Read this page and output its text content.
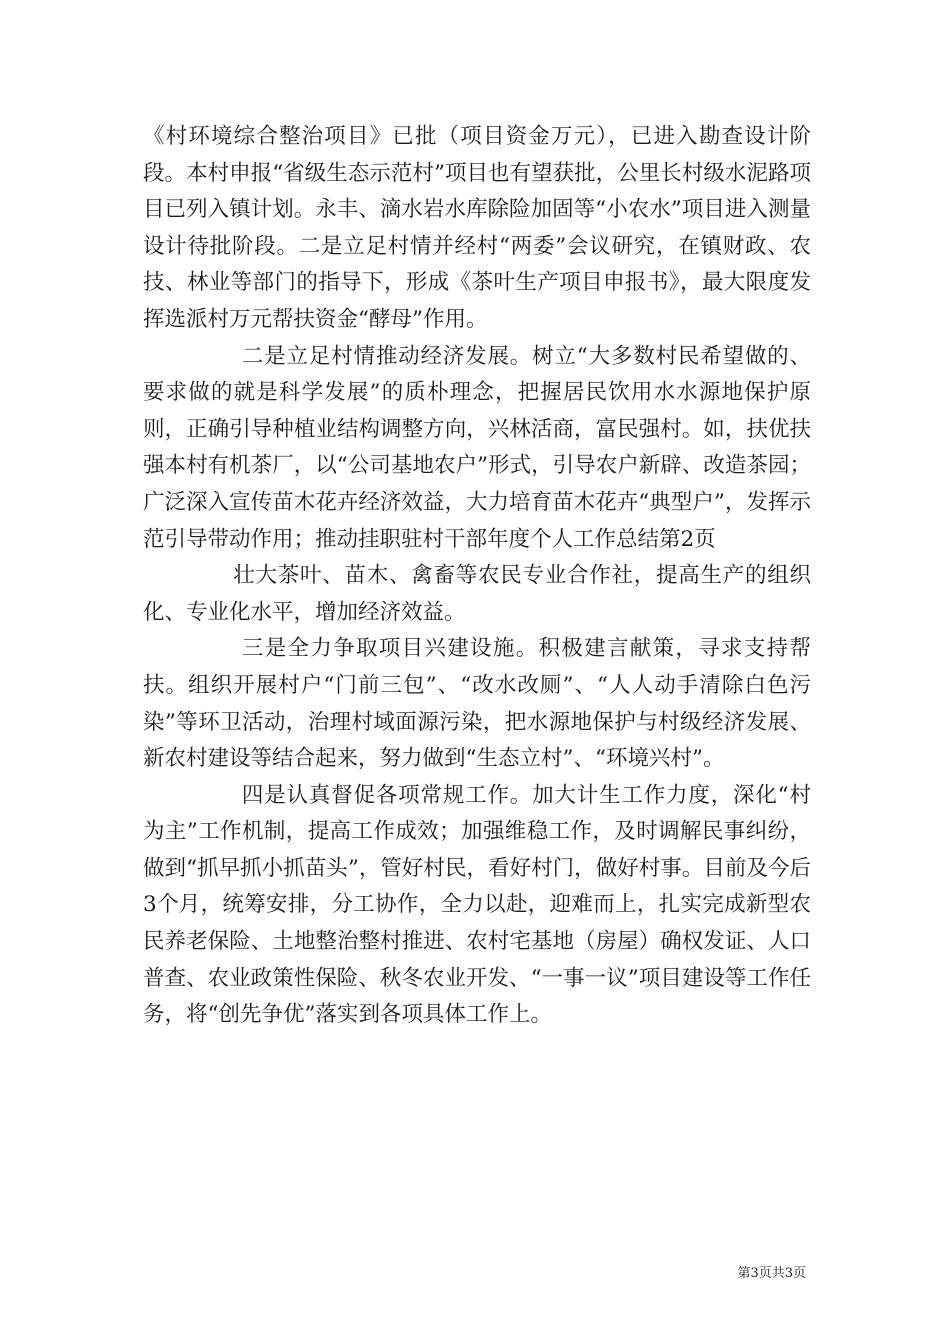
《村环境综合整治项目》已批（项目资金万元），已进入勘查设计阶段。本村申报“省级生态示范村”项目也有望获批，公里长村级水泥路项目已列入镇计划。永丰、滴水岩水库除险加固等“小农水”项目进入测量设计待批阶段。二是立足村情并经村“两委”会议研究，在镇财政、农技、林业等部门的指导下，形成《茶叶生产项目申报书》，最大限度发挥选派村万元帮扶资金“酵母”作用。

二是立足村情推动经济发展。树立“大多数村民希望做的、要求做的就是科学发展”的质朴理念，把握居民饮用水水源地保护原则，正确引导种植业结构调整方向，兴林活商，富民强村。如，扶优扶强本村有机茶厂，以“公司基地农户”形式，引导农户新辟、改造茶园；广泛深入宣传苗木花卉经济效益，大力培育苗木花卉“典型户”，发挥示范引导带动作用；推动挂职驻村干部年度个人工作总结第2页

壮大茶叶、苗木、禽畜等农民专业合作社，提高生产的组织化、专业化水平，增加经济效益。

三是全力争取项目兴建设施。积极建言献策，寻求支持帮扶。组织开展村户“门前三包”、“改水改厕”、“人人动手清除白色污染”等环卫活动，治理村域面源污染，把水源地保护与村级经济发展、新农村建设等结合起来，努力做到“生态立村”、“环境兴村”。

四是认真督促各项常规工作。加大计生工作力度，深化“村为主”工作机制，提高工作成效；加强维稳工作，及时调解民事纠纷，做到“抓早抓小抓苗头”，管好村民，看好村门，做好村事。目前及今后3个月，统筹安排，分工协作，全力以赴，迎难而上，扎实完成新型农民养老保险、土地整治整村推进、农村宅基地（房屋）确权发证、人口普查、农业政策性保险、秋冬农业开发、“一事一议”项目建设等工作任务，将“创先争优”落实到各项具体工作上。

第3页共3页
